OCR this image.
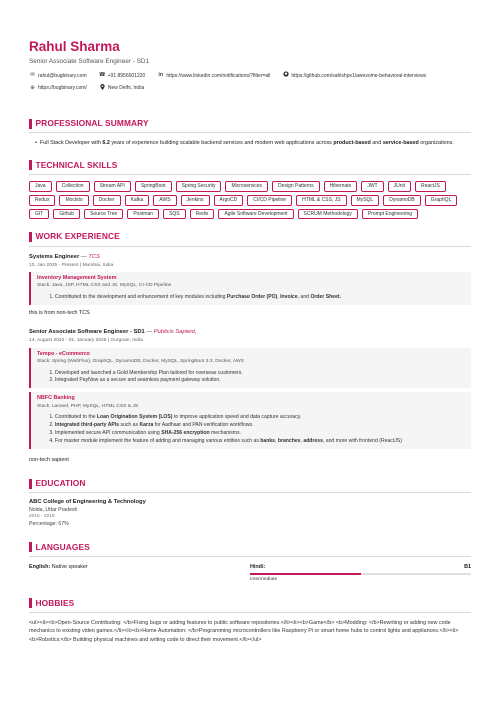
Rahul Sharma
Senior Associate Software Engineer - SD1
✉ rahul@bugbinary.com ☎ +91 8956001220 in https://www.linkedin.com/notifications/?filter=all	https://github.com/sahishpx1/awesome-behavioral-interviews
⊕ https://bugbinary.com/	New Delhi, India
PROFESSIONAL SUMMARY
• Full Stack Developer with 6.2 years of experience building scalable backend services and modern web applications across product-based and service-based organizations.
TECHNICAL SKILLS
Java	Collection	Stream API	SpringBoot	Spring Security	Microservices	Design Patterns	Hibernate	JWT	JUnit	ReactJS
Redux	Mockito	Docker	Kafka	AWS	Jenkins	ArgoCD	CI/CD Pipeline	HTML & CSS, JS	MySQL	DynamoDB	GraphQL
GIT	Github	Source Tree	Postman	SQS	Redis	Agile Software Development	SCRUM Methodology	Prompt Engineering
WORK EXPERIENCE
Systems Engineer — TCS
10, Jan 2025 - Present | Mumbai, India
Inventory Management System
Stack: Java, JSP, HTML CSS and JS, MySQL, CI-CD Pipeline
1. Contributed to the development and enhancement of key modules including Purchase Order (PO), Invoice, and Order Sheet.
this is from non-tech TCS
Senior Associate Software Engineer - SD1 — Publicis Sapient,
14, August 2022 - 01, January 2025 | Gurgoan, India
Tempo - eCommerce
Stack: Spring (WebFlux), GraphQL, DynamoDB, Docker, MySQL, SpringBoot 3.3, Docker, AWS
1. Developed and launched a Gold Membership Plan tailored for overseas customers.
2. Integrated PayNow as a secure and seamless payment gateway solution.
NBFC Banking
Stack: Laravel, PHP, MySQL, HTML CSS & JS
1. Contributed to the Loan Origination System (LOS) to improve application speed and data capture accuracy.
2. Integrated third-party APIs such as Karza for Aadhaar and PAN verification workflows.
3. Implemented secure API communication using SHA-256 encryption mechanisms.
4. For master module implement the feature of adding and managing various entities such as banks, branches, address, and more with frontend (ReactJS)
non-tech sapient
EDUCATION
ABC College of Engineering & Technology
Noida, Uttar Pradesh
2015 - 2019
Percentage: 67%
LANGUAGES
English: Native speaker	Hindi:	B1
Intermediate
HOBBIES
<ul><li><b>Open-Source Contributing: </b>Fixing bugs or adding features to public software repositories.</li><li><b>Game</b> <b>Modding: </b>Rewriting or adding new code mechanics to existing video games.</li><li><b>Home Automation: </b>Programming microcontrollers like Raspberry Pi or smart home hubs to control lights and appliances.</li><li><b>Robotics:</b> Building physical machines and writing code to direct their movement.</li></ul>
